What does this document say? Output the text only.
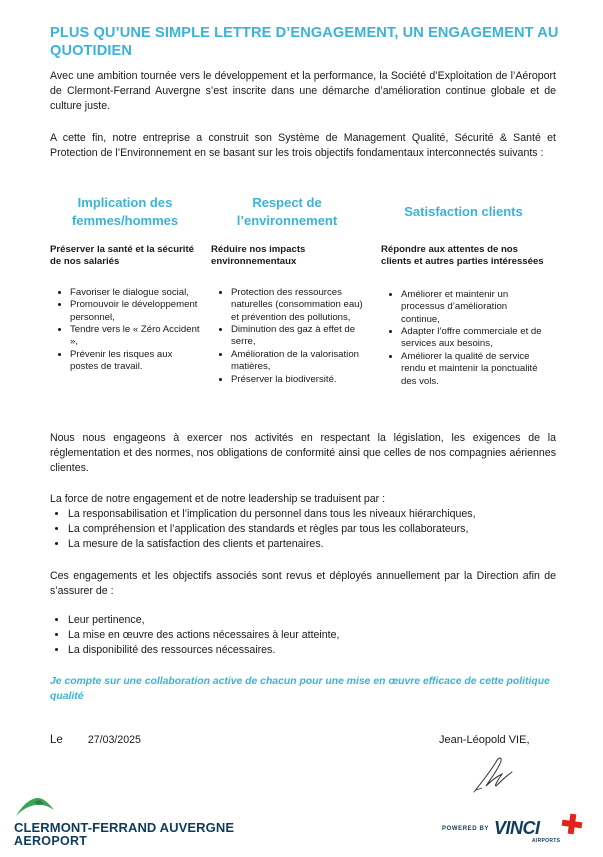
PLUS QU’UNE SIMPLE LETTRE D’ENGAGEMENT, UN ENGAGEMENT AU QUOTIDIEN
Avec une ambition tournée vers le développement et la performance, la Société d’Exploitation de l’Aéroport de Clermont-Ferrand Auvergne s’est inscrite dans une démarche d’amélioration continue globale et de culture juste.
A cette fin, notre entreprise a construit son Système de Management Qualité, Sécurité & Santé et Protection de l’Environnement en se basant sur les trois objectifs fondamentaux interconnectés suivants :
Implication des femmes/hommes
Préserver la santé et la sécurité de nos salariés
• Favoriser le dialogue social,
• Promouvoir le développement personnel,
• Tendre vers le « Zéro Accident »,
• Prévenir les risques aux postes de travail.
Respect de l’environnement
Réduire nos impacts environnementaux
• Protection des ressources naturelles (consommation eau) et prévention des pollutions,
• Diminution des gaz à effet de serre,
• Amélioration de la valorisation matières,
• Préserver la biodiversité.
Satisfaction clients
Répondre aux attentes de nos clients et autres parties intéressées
• Améliorer et maintenir un processus d’amélioration continue,
• Adapter l’offre commerciale et de services aux besoins,
• Améliorer la qualité de service rendu et maintenir la ponctualité des vols.
Nous nous engageons à exercer nos activités en respectant la législation, les exigences de la réglementation et des normes, nos obligations de conformité ainsi que celles de nos compagnies aériennes clientes.
La force de notre engagement et de notre leadership se traduisent par :
• La responsabilisation et l’implication du personnel dans tous les niveaux hiérarchiques,
• La compréhension et l’application des standards et règles par tous les collaborateurs,
• La mesure de la satisfaction des clients et partenaires.
Ces engagements et les objectifs associés sont revus et déployés annuellement par la Direction afin de s’assurer de :
• Leur pertinence,
• La mise en œuvre des actions nécessaires à leur atteinte,
• La disponibilité des ressources nécessaires.
Je compte sur une collaboration active de chacun pour une mise en œuvre efficace de cette politique qualité
Le 27/03/2025	Jean-Léopold VIE,
CLERMONT-FERRAND AUVERGNE
AEROPORT
POWERED BY VINCI
AIRPORTS
